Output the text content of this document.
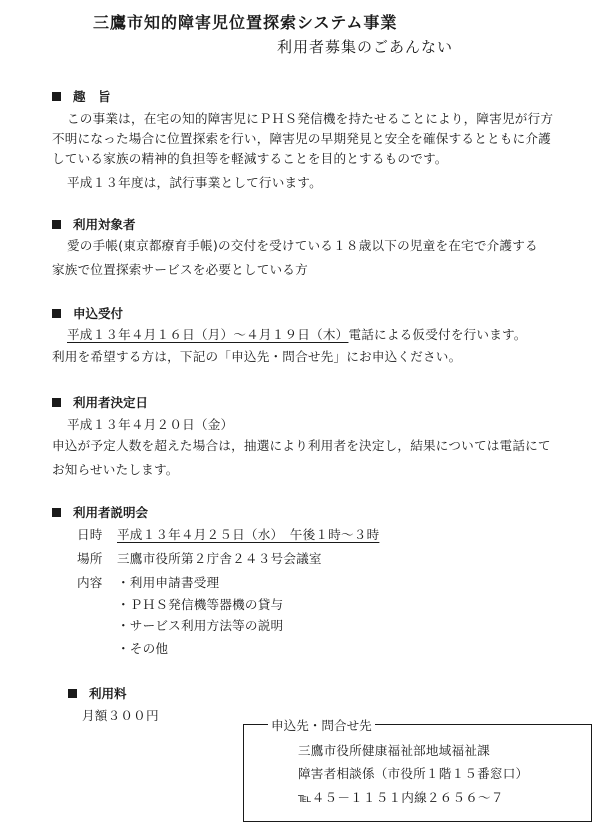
三鷹市知的障害児位置探索システム事業
利用者募集のごあんない
趣　旨
この事業は，在宅の知的障害児にＰＨＳ発信機を持たせることにより，障害児が行方
不明になった場合に位置探索を行い，障害児の早期発見と安全を確保するとともに介護
している家族の精神的負担等を軽減することを目的とするものです。
平成１３年度は，試行事業として行います。
利用対象者
愛の手帳(東京都療育手帳)の交付を受けている１８歳以下の児童を在宅で介護する
家族で位置探索サービスを必要としている方
申込受付
平成１３年４月１６日（月）～４月１９日（木）電話による仮受付を行います。
利用を希望する方は，下記の「申込先・問合せ先」にお申込ください。
利用者決定日
平成１３年４月２０日（金）
申込が予定人数を超えた場合は，抽選により利用者を決定し，結果については電話にて
お知らせいたします。
利用者説明会
日時 平成１３年４月２５日（水）　午後１時～３時
場所 三鷹市役所第２庁舎２４３号会議室
内容 ・利用申請書受理
・ＰＨＳ発信機等器機の貸与
・サービス利用方法等の説明
・その他
利用料
月額３００円
申込先・問合せ先
三鷹市役所健康福祉部地域福祉課
障害者相談係（市役所１階１５番窓口）
℡４５－１１５１内線２６５６～７
